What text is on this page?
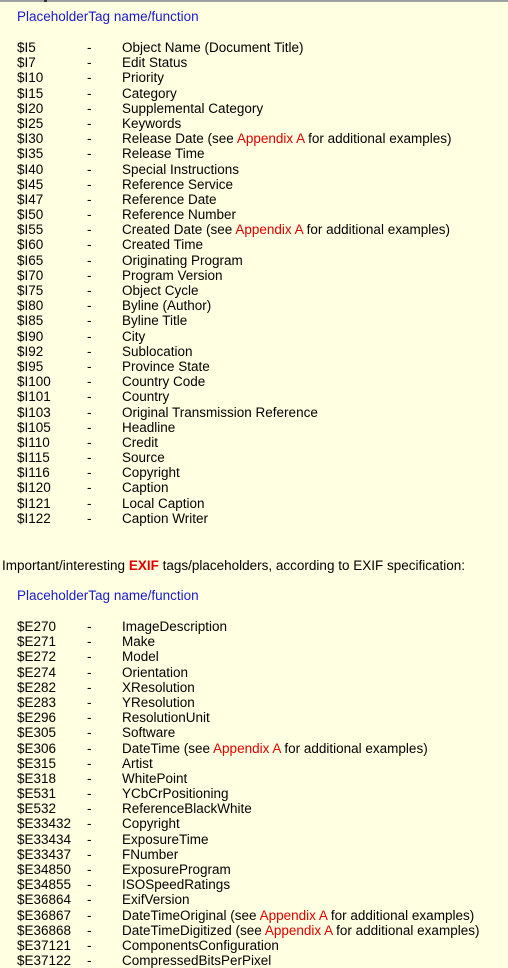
PlaceholderTag name/function
$I5	- Object Name (Document Title)
$I7	- Edit Status
$I10	- Priority
$I15	- Category
$I20	- Supplemental Category
$I25	- Keywords
$I30	- Release Date (see Appendix A for additional examples)
$I35	- Release Time
$I40	- Special Instructions
$I45	- Reference Service
$I47	- Reference Date
$I50	- Reference Number
$I55	- Created Date (see Appendix A for additional examples)
$I60	- Created Time
$I65	- Originating Program
$I70	- Program Version
$I75	- Object Cycle
$I80	- Byline (Author)
$I85	- Byline Title
$I90	- City
$I92	- Sublocation
$I95	- Province State
$I100	- Country Code
$I101	- Country
$I103	- Original Transmission Reference
$I105	- Headline
$I110	- Credit
$I115	- Source
$I116	- Copyright
$I120	- Caption
$I121	- Local Caption
$I122	- Caption Writer
Important/interesting EXIF tags/placeholders, according to EXIF specification:
PlaceholderTag name/function
$E270 - ImageDescription
$E271 - Make
$E272 - Model
$E274 - Orientation
$E282 - XResolution
$E283 - YResolution
$E296 - ResolutionUnit
$E305 - Software
$E306 - DateTime (see Appendix A for additional examples)
$E315 - Artist
$E318 - WhitePoint
$E531 - YCbCrPositioning
$E532 - ReferenceBlackWhite
$E33432 - Copyright
$E33434 - ExposureTime
$E33437 - FNumber
$E34850 - ExposureProgram
$E34855 - ISOSpeedRatings
$E36864 - ExifVersion
$E36867 - DateTimeOriginal (see Appendix A for additional examples)
$E36868 - DateTimeDigitized (see Appendix A for additional examples)
$E37121 - ComponentsConfiguration
$E37122 - CompressedBitsPerPixel
